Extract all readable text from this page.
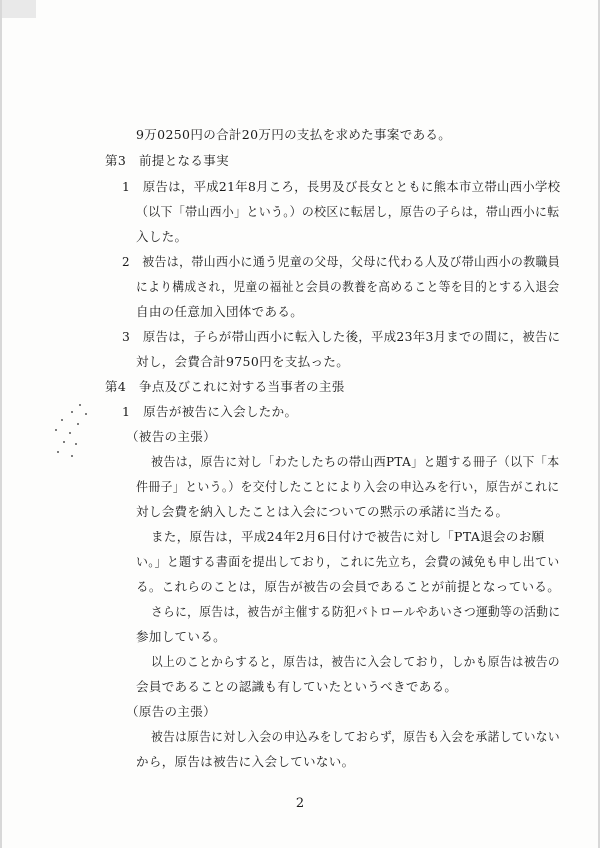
9万0250円の合計20万円の支払を求めた事案である。
第3　前提となる事実
1　原告は，平成21年8月ころ，長男及び長女とともに熊本市立帯山西小学校
（以下「帯山西小」という。）の校区に転居し，原告の子らは，帯山西小に転
入した。
2　被告は，帯山西小に通う児童の父母，父母に代わる人及び帯山西小の教職員
により構成され，児童の福祉と会員の教養を高めること等を目的とする入退会
自由の任意加入団体である。
3　原告は，子らが帯山西小に転入した後，平成23年3月までの間に，被告に
対し，会費合計9750円を支払った。
第4　争点及びこれに対する当事者の主張
1　原告が被告に入会したか。
（被告の主張）
被告は，原告に対し「わたしたちの帯山西PTA」と題する冊子（以下「本
件冊子」という。）を交付したことにより入会の申込みを行い，原告がこれに
対し会費を納入したことは入会についての黙示の承諾に当たる。
また，原告は，平成24年2月6日付けで被告に対し「PTA退会のお願
い。」と題する書面を提出しており，これに先立ち，会費の減免も申し出てい
る。これらのことは，原告が被告の会員であることが前提となっている。
さらに，原告は，被告が主催する防犯パトロールやあいさつ運動等の活動に
参加している。
以上のことからすると，原告は，被告に入会しており，しかも原告は被告の
会員であることの認識も有していたというべきである。
（原告の主張）
被告は原告に対し入会の申込みをしておらず，原告も入会を承諾していない
から，原告は被告に入会していない。
2
